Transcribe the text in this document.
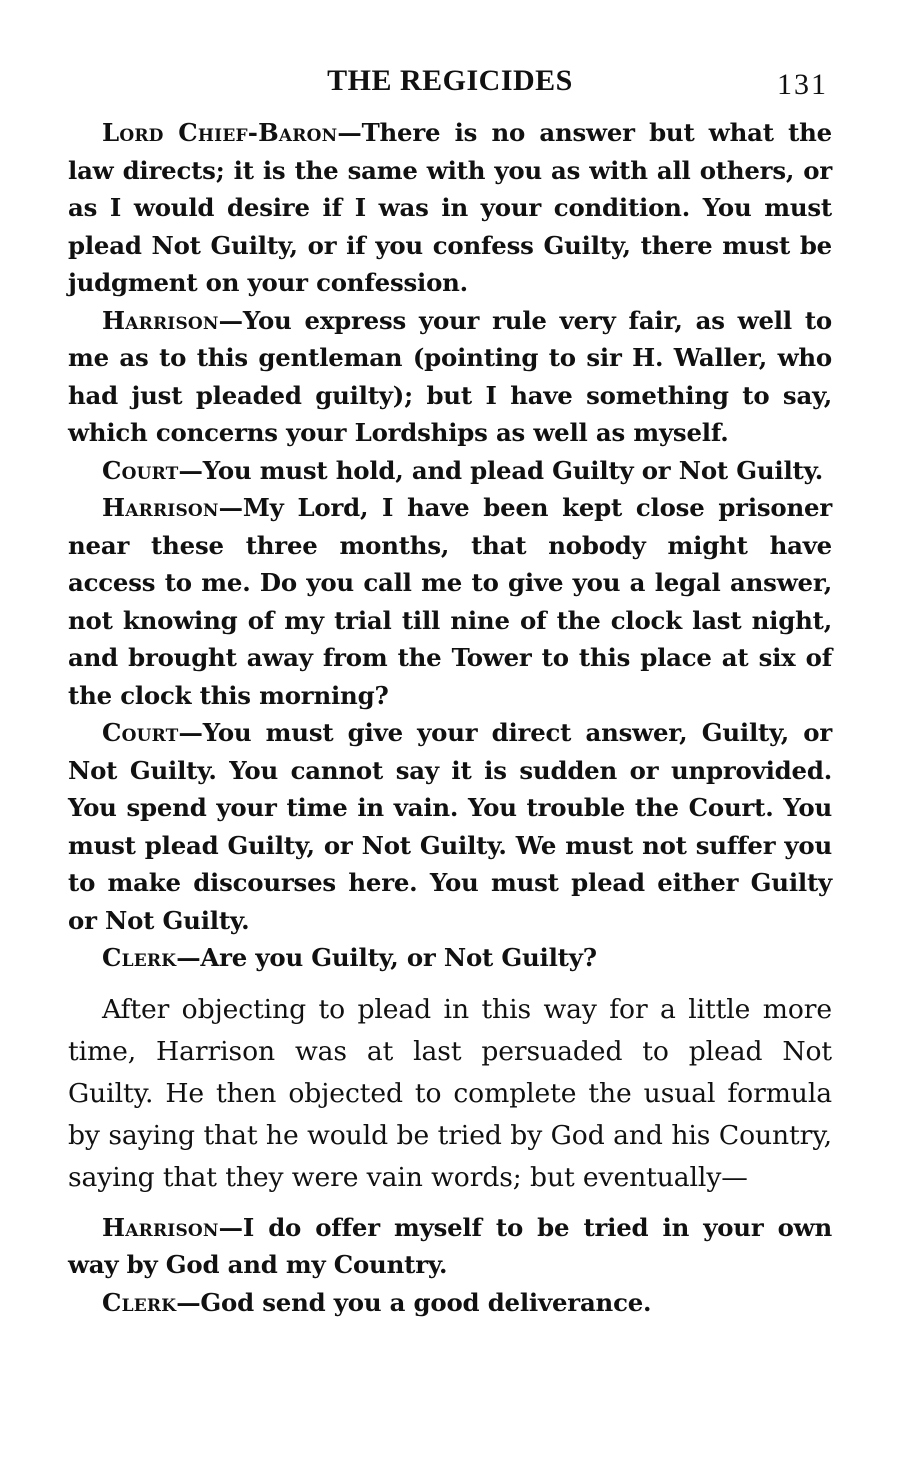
THE REGICIDES	131

Lord Chief-Baron—There is no answer but what the law directs; it is the same with you as with all others, or as I would desire if I was in your condition. You must plead Not Guilty, or if you confess Guilty, there must be judgment on your confession.

Harrison—You express your rule very fair, as well to me as to this gentleman (pointing to sir H. Waller, who had just pleaded guilty); but I have something to say, which concerns your Lordships as well as myself.

Court—You must hold, and plead Guilty or Not Guilty.

Harrison—My Lord, I have been kept close prisoner near these three months, that nobody might have access to me. Do you call me to give you a legal answer, not knowing of my trial till nine of the clock last night, and brought away from the Tower to this place at six of the clock this morning?

Court—You must give your direct answer, Guilty, or Not Guilty. You cannot say it is sudden or unprovided. You spend your time in vain. You trouble the Court. You must plead Guilty, or Not Guilty. We must not suffer you to make discourses here. You must plead either Guilty or Not Guilty.

Clerk—Are you Guilty, or Not Guilty?

After objecting to plead in this way for a little more time, Harrison was at last persuaded to plead Not Guilty. He then objected to complete the usual formula by saying that he would be tried by God and his Country, saying that they were vain words; but eventually—

Harrison—I do offer myself to be tried in your own way by God and my Country.

Clerk—God send you a good deliverance.
